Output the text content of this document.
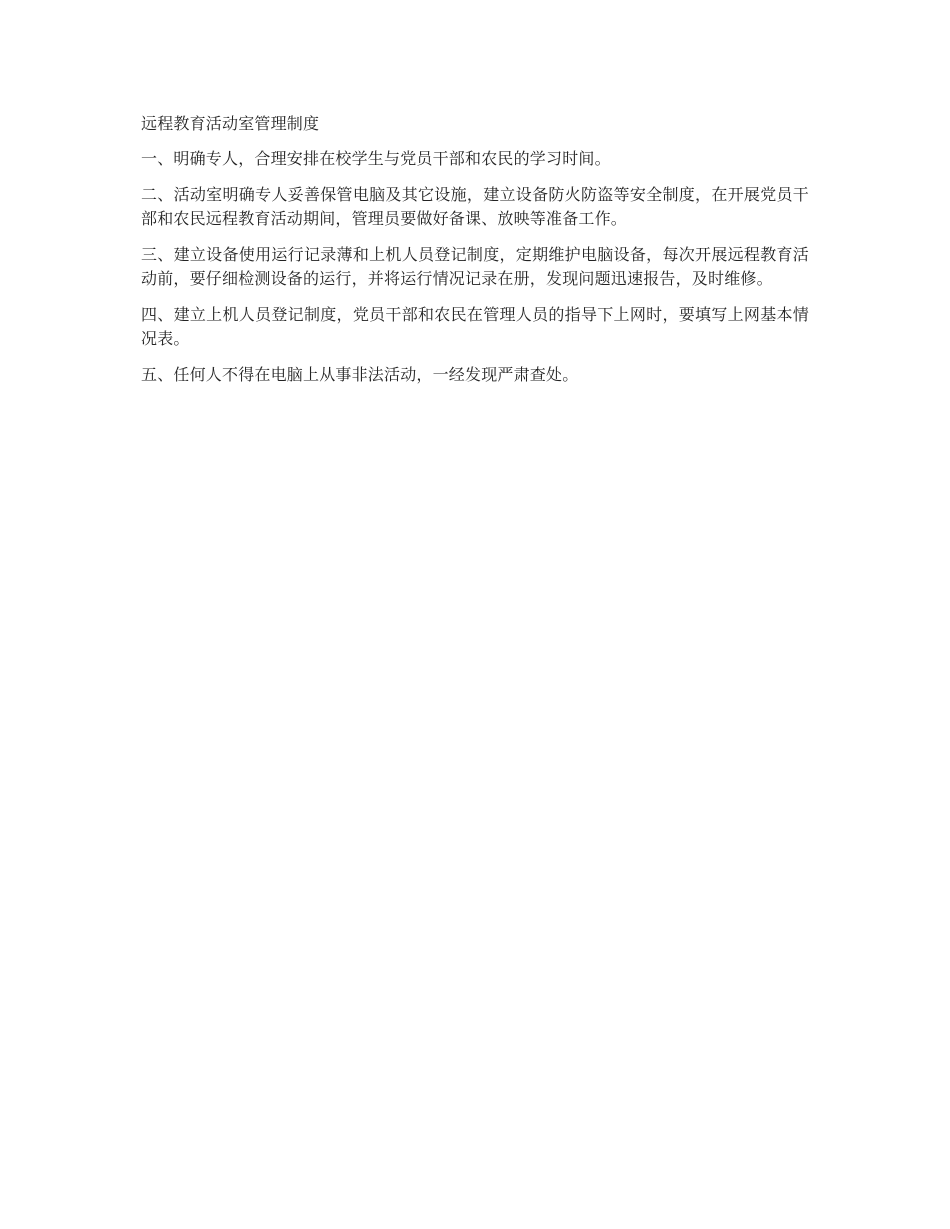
远程教育活动室管理制度

一、明确专人，合理安排在校学生与党员干部和农民的学习时间。

二、活动室明确专人妥善保管电脑及其它设施，建立设备防火防盗等安全制度，在开展党员干部和农民远程教育活动期间，管理员要做好备课、放映等准备工作。

三、建立设备使用运行记录薄和上机人员登记制度，定期维护电脑设备，每次开展远程教育活动前，要仔细检测设备的运行，并将运行情况记录在册，发现问题迅速报告，及时维修。

四、建立上机人员登记制度，党员干部和农民在管理人员的指导下上网时，要填写上网基本情况表。

五、任何人不得在电脑上从事非法活动，一经发现严肃查处。
